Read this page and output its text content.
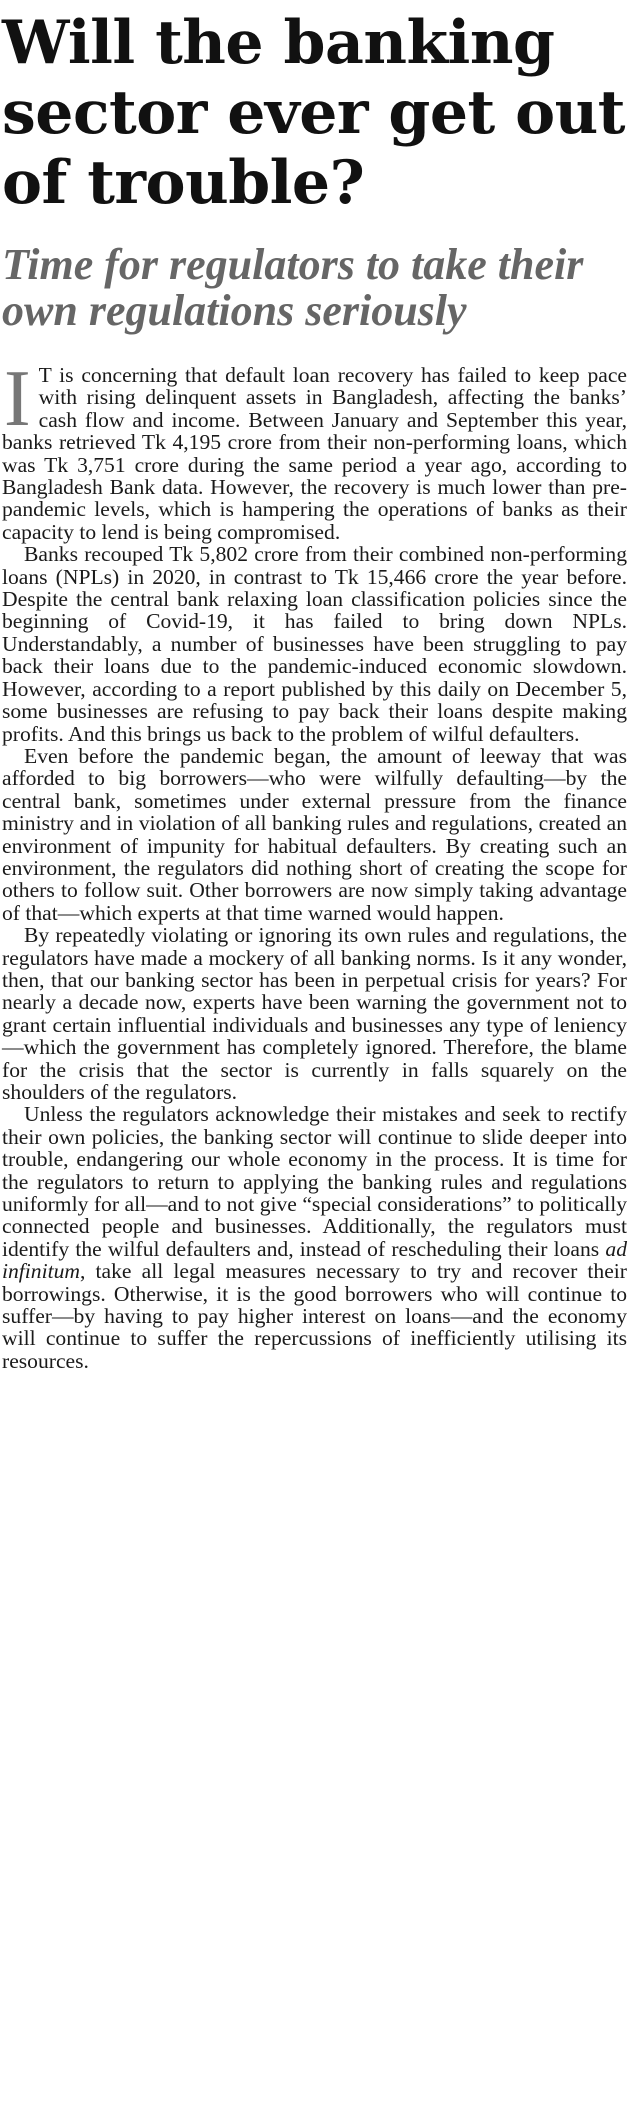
Will the banking sector ever get out of trouble?
Time for regulators to take their own regulations seriously

I T is concerning that default loan recovery has failed to keep pace with rising delinquent assets in Bangladesh, affecting the banks’ cash flow and income. Between January and September this year, banks retrieved Tk 4,195 crore from their non-performing loans, which was Tk 3,751 crore during the same period a year ago, according to Bangladesh Bank data. However, the recovery is much lower than pre-pandemic levels, which is hampering the operations of banks as their capacity to lend is being compromised.

Banks recouped Tk 5,802 crore from their combined non-performing loans (NPLs) in 2020, in contrast to Tk 15,466 crore the year before. Despite the central bank relaxing loan classification policies since the beginning of Covid-19, it has failed to bring down NPLs. Understandably, a number of businesses have been struggling to pay back their loans due to the pandemic-induced economic slowdown. However, according to a report published by this daily on December 5, some businesses are refusing to pay back their loans despite making profits. And this brings us back to the problem of wilful defaulters.

Even before the pandemic began, the amount of leeway that was afforded to big borrowers—who were wilfully defaulting—by the central bank, sometimes under external pressure from the finance ministry and in violation of all banking rules and regulations, created an environment of impunity for habitual defaulters. By creating such an environment, the regulators did nothing short of creating the scope for others to follow suit. Other borrowers are now simply taking advantage of that—which experts at that time warned would happen.

By repeatedly violating or ignoring its own rules and regulations, the regulators have made a mockery of all banking norms. Is it any wonder, then, that our banking sector has been in perpetual crisis for years? For nearly a decade now, experts have been warning the government not to grant certain influential individuals and businesses any type of leniency—which the government has completely ignored. Therefore, the blame for the crisis that the sector is currently in falls squarely on the shoulders of the regulators.

Unless the regulators acknowledge their mistakes and seek to rectify their own policies, the banking sector will continue to slide deeper into trouble, endangering our whole economy in the process. It is time for the regulators to return to applying the banking rules and regulations uniformly for all—and to not give “special considerations” to politically connected people and businesses. Additionally, the regulators must identify the wilful defaulters and, instead of rescheduling their loans ad infinitum, take all legal measures necessary to try and recover their borrowings. Otherwise, it is the good borrowers who will continue to suffer—by having to pay higher interest on loans—and the economy will continue to suffer the repercussions of inefficiently utilising its resources.
